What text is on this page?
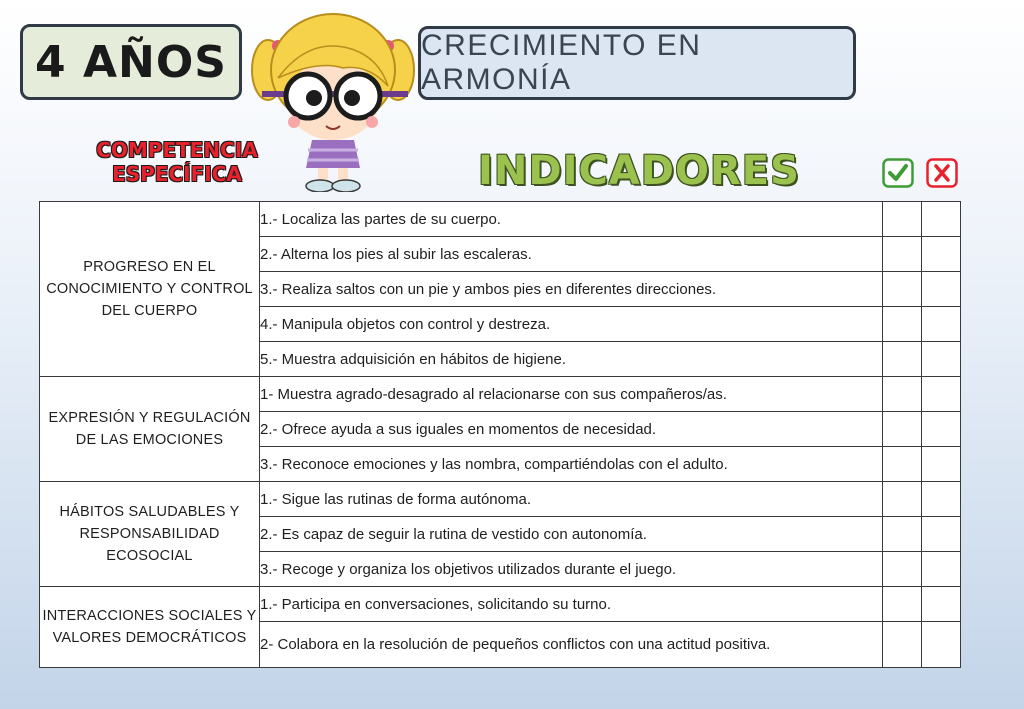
4 AÑOS	CRECIMIENTO EN ARMONÍA
COMPETENCIA ESPECÍFICA	INDICADORES
PROGRESO EN EL CONOCIMIENTO Y CONTROL DEL CUERPO	1.- Localiza las partes de su cuerpo.		
	2.- Alterna los pies al subir las escaleras.		
	3.- Realiza saltos con un pie y ambos pies en diferentes direcciones.		
	4.- Manipula objetos con control y destreza.		
	5.- Muestra adquisición en hábitos de higiene.		
EXPRESIÓN Y REGULACIÓN DE LAS EMOCIONES	1- Muestra agrado-desagrado al relacionarse con sus compañeros/as.		
	2.- Ofrece ayuda a sus iguales en momentos de necesidad.		
	3.- Reconoce emociones y las nombra, compartiéndolas con el adulto.		
HÁBITOS SALUDABLES Y RESPONSABILIDAD ECOSOCIAL	1.- Sigue las rutinas de forma autónoma.		
	2.- Es capaz de seguir la rutina de vestido con autonomía.		
	3.- Recoge y organiza los objetivos utilizados durante el juego.		
INTERACCIONES SOCIALES Y VALORES DEMOCRÁTICOS	1.- Participa en conversaciones, solicitando su turno.		
	2- Colabora en la resolución de pequeños conflictos con una actitud positiva.		
